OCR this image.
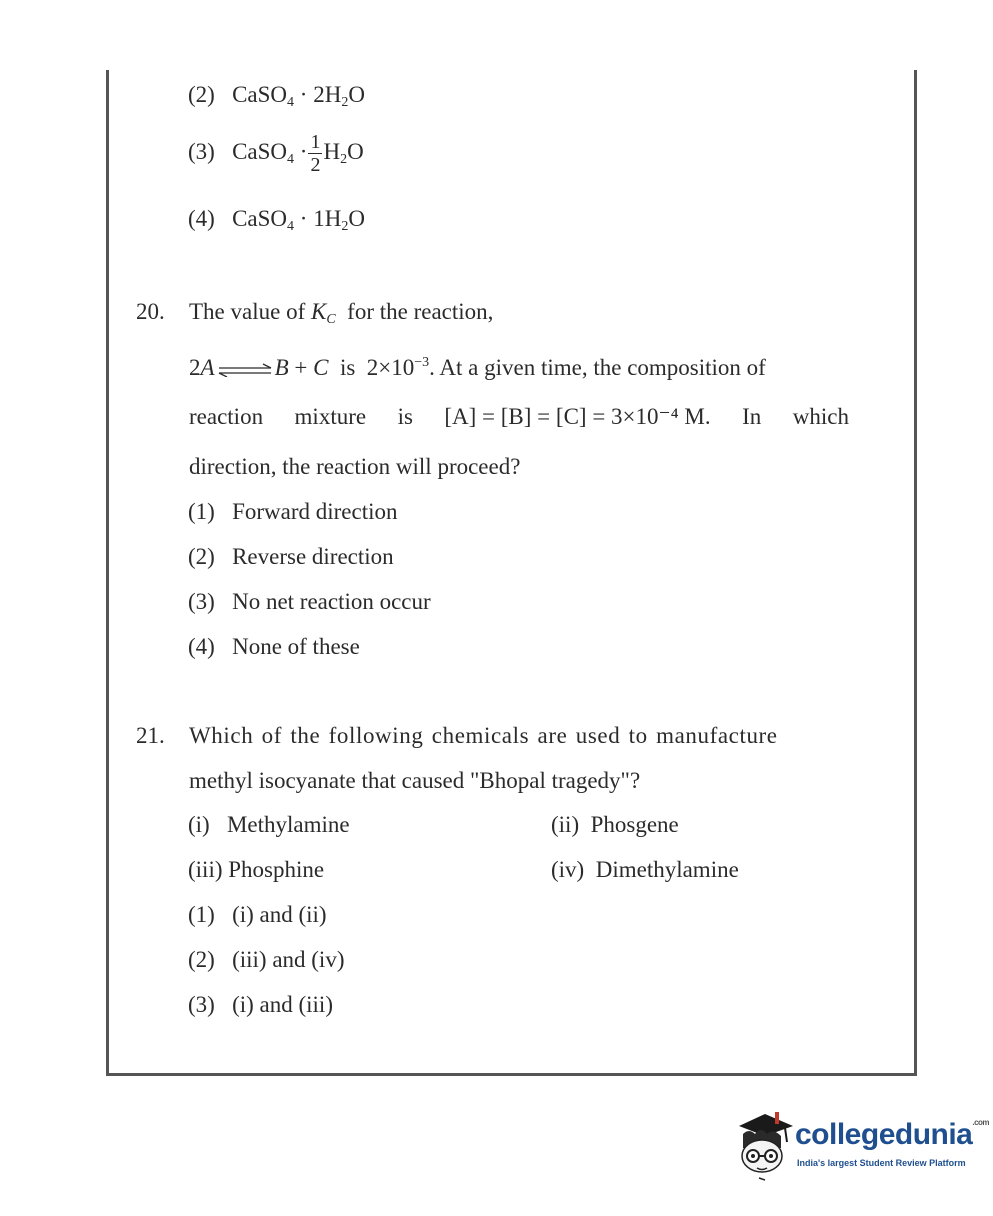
(2) CaSO$_4$ · $2H_2O$
(3) CaSO$_4$ · $\frac{1}{2} H_2O$
(4) CaSO$_4$ · $1H_2O$
20. The value of $K_C$ for the reaction,
2A ⇌ B + C  is  $2\times 10^{-3}$. At a given time, the composition of
reaction mixture is [A] = [B] = [C] = 3×10⁻⁴ M. In which
direction, the reaction will proceed?
(1) Forward direction
(2) Reverse direction
(3) No net reaction occur
(4) None of these
21. Which of the following chemicals are used to manufacture
methyl isocyanate that caused "Bhopal tragedy"?
(i) Methylamine	(ii) Phosgene
(iii) Phosphine	(iv) Dimethylamine
(1) (i) and (ii)
(2) (iii) and (iv)
(3) (i) and (iii)
collegedunia$^{.com}$
India's largest Student Review Platform
